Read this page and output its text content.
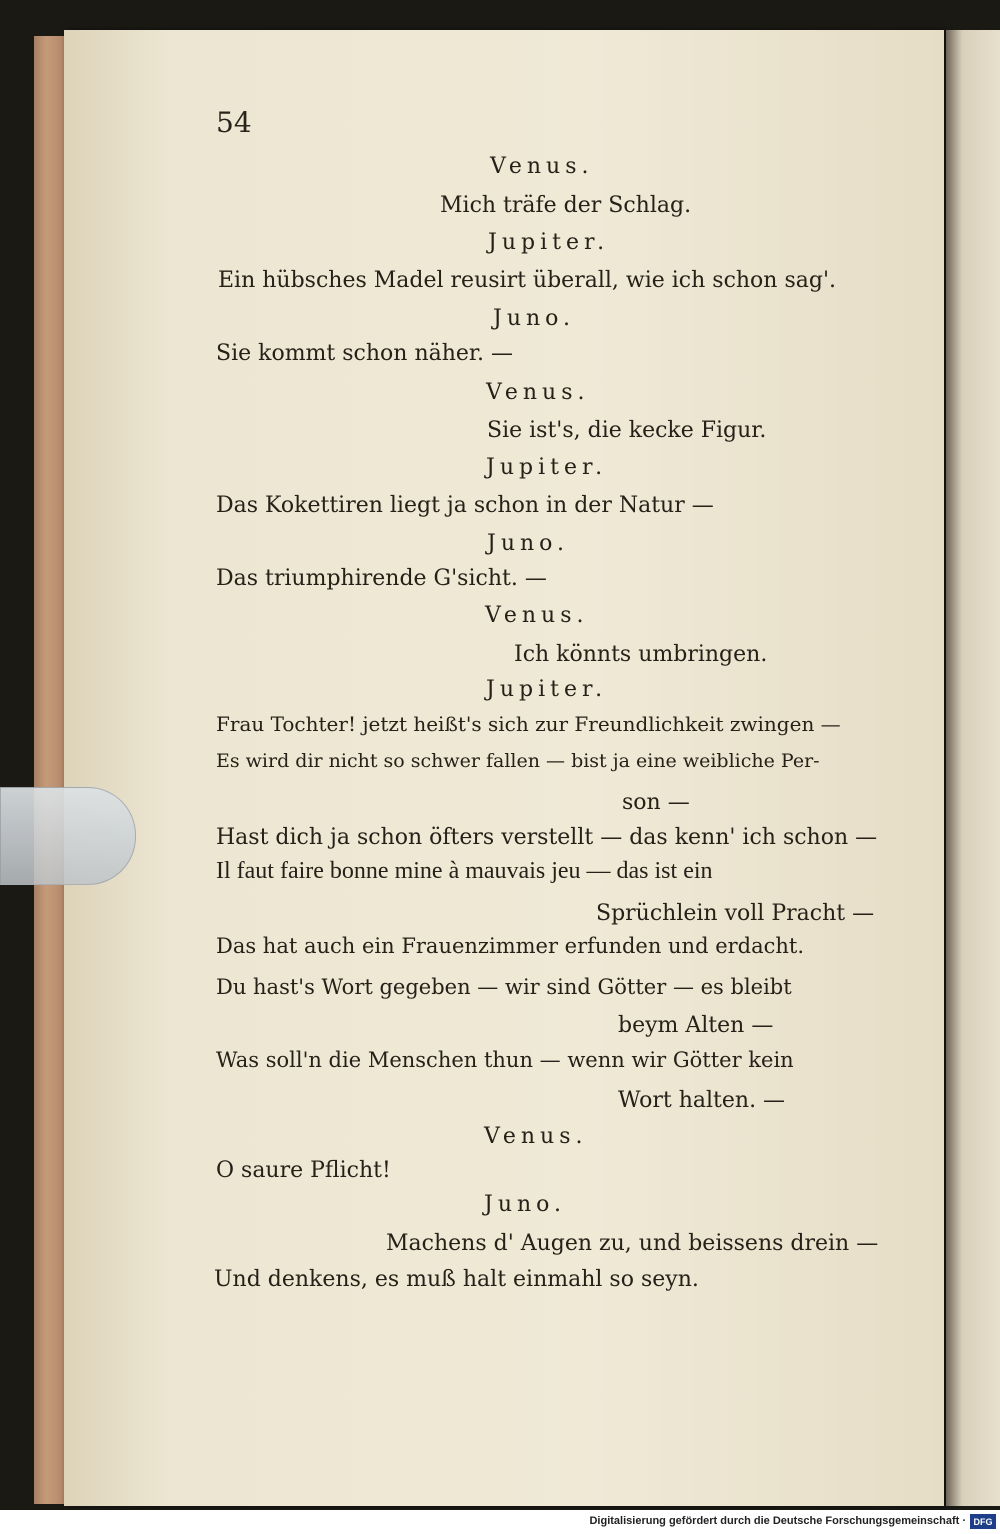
54
Venus.
Mich träfe der Schlag.
Jupiter.
Ein hübsches Madel reusirt überall, wie ich schon sag'.
Juno.
Sie kommt schon näher. —
Venus.
Sie ist's, die kecke Figur.
Jupiter.
Das Kokettiren liegt ja schon in der Natur —
Juno.
Das triumphirende G'sicht. —
Venus.
Ich könnts umbringen.
Jupiter.
Frau Tochter! jetzt heißt's sich zur Freundlichkeit zwingen —
Es wird dir nicht so schwer fallen — bist ja eine weibliche Per-
son —
Hast dich ja schon öfters verstellt — das kenn' ich schon —
Il faut faire bonne mine à mauvais jeu — das ist ein
Sprüchlein voll Pracht —
Das hat auch ein Frauenzimmer erfunden und erdacht.
Du hast's Wort gegeben — wir sind Götter — es bleibt
beym Alten —
Was soll'n die Menschen thun — wenn wir Götter kein
Wort halten. —
Venus.
O saure Pflicht!
Juno.
Machens d' Augen zu, und beissens drein —
Und denkens, es muß halt einmahl so seyn.
Digitalisierung gefördert durch die Deutsche Forschungsgemeinschaft · DFG
